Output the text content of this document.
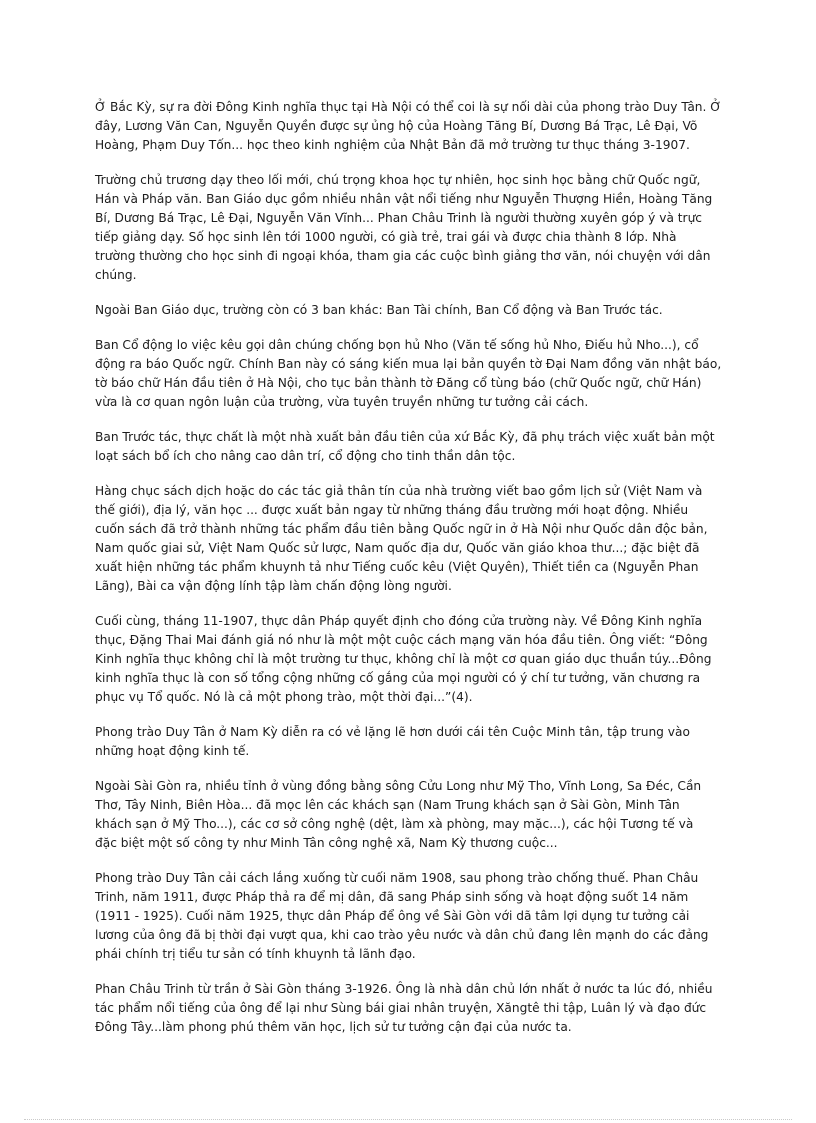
Ở Bắc Kỳ, sự ra đời Đông Kinh nghĩa thục tại Hà Nội có thể coi là sự nối dài của phong trào Duy Tân. Ở
đây, Lương Văn Can, Nguyễn Quyền được sự ủng hộ của Hoàng Tăng Bí, Dương Bá Trạc, Lê Đại, Võ
Hoàng, Phạm Duy Tốn... học theo kinh nghiệm của Nhật Bản đã mở trường tư thục tháng 3-1907.

Trường chủ trương dạy theo lối mới, chú trọng khoa học tự nhiên, học sinh học bằng chữ Quốc ngữ,
Hán và Pháp văn. Ban Giáo dục gồm nhiều nhân vật nổi tiếng như Nguyễn Thượng Hiền, Hoàng Tăng
Bí, Dương Bá Trạc, Lê Đại, Nguyễn Văn Vĩnh... Phan Châu Trinh là người thường xuyên góp ý và trực
tiếp giảng dạy. Số học sinh lên tới 1000 người, có già trẻ, trai gái và được chia thành 8 lớp. Nhà
trường thường cho học sinh đi ngoại khóa, tham gia các cuộc bình giảng thơ văn, nói chuyện với dân
chúng.

Ngoài Ban Giáo dục, trường còn có 3 ban khác: Ban Tài chính, Ban Cổ động và Ban Trước tác.

Ban Cổ động lo việc kêu gọi dân chúng chống bọn hủ Nho (Văn tế sống hủ Nho, Điếu hủ Nho...), cổ
động ra báo Quốc ngữ. Chính Ban này có sáng kiến mua lại bản quyền tờ Đại Nam đồng văn nhật báo,
tờ báo chữ Hán đầu tiên ở Hà Nội, cho tục bản thành tờ Đăng cổ tùng báo (chữ Quốc ngữ, chữ Hán)
vừa là cơ quan ngôn luận của trường, vừa tuyên truyền những tư tưởng cải cách.

Ban Trước tác, thực chất là một nhà xuất bản đầu tiên của xứ Bắc Kỳ, đã phụ trách việc xuất bản một
loạt sách bổ ích cho nâng cao dân trí, cổ động cho tinh thần dân tộc.

Hàng chục sách dịch hoặc do các tác giả thân tín của nhà trường viết bao gồm lịch sử (Việt Nam và
thế giới), địa lý, văn học ... được xuất bản ngay từ những tháng đầu trường mới hoạt động. Nhiều
cuốn sách đã trở thành những tác phẩm đầu tiên bằng Quốc ngữ in ở Hà Nội như Quốc dân độc bản,
Nam quốc giai sử, Việt Nam Quốc sử lược, Nam quốc địa dư, Quốc văn giáo khoa thư...; đặc biệt đã
xuất hiện những tác phẩm khuynh tả như Tiếng cuốc kêu (Việt Quyên), Thiết tiền ca (Nguyễn Phan
Lãng), Bài ca vận động lính tập làm chấn động lòng người.

Cuối cùng, tháng 11-1907, thực dân Pháp quyết định cho đóng cửa trường này. Về Đông Kinh nghĩa
thục, Đặng Thai Mai đánh giá nó như là một một cuộc cách mạng văn hóa đầu tiên. Ông viết: “Đông
Kinh nghĩa thục không chỉ là một trường tư thục, không chỉ là một cơ quan giáo dục thuần túy...Đông
kinh nghĩa thục là con số tổng cộng những cố gắng của mọi người có ý chí tư tưởng, văn chương ra
phục vụ Tổ quốc. Nó là cả một phong trào, một thời đại...”(4).

Phong trào Duy Tân ở Nam Kỳ diễn ra có vẻ lặng lẽ hơn dưới cái tên Cuộc Minh tân, tập trung vào
những hoạt động kinh tế.

Ngoài Sài Gòn ra, nhiều tỉnh ở vùng đồng bằng sông Cửu Long như Mỹ Tho, Vĩnh Long, Sa Đéc, Cần
Thơ, Tây Ninh, Biên Hòa... đã mọc lên các khách sạn (Nam Trung khách sạn ở Sài Gòn, Minh Tân
khách sạn ở Mỹ Tho...), các cơ sở công nghệ (dệt, làm xà phòng, may mặc...), các hội Tương tế và
đặc biệt một số công ty như Minh Tân công nghệ xã, Nam Kỳ thương cuộc...

Phong trào Duy Tân cải cách lắng xuống từ cuối năm 1908, sau phong trào chống thuế. Phan Châu
Trinh, năm 1911, được Pháp thả ra để mị dân, đã sang Pháp sinh sống và hoạt động suốt 14 năm
(1911 - 1925). Cuối năm 1925, thực dân Pháp để ông về Sài Gòn với dã tâm lợi dụng tư tưởng cải
lương của ông đã bị thời đại vượt qua, khi cao trào yêu nước và dân chủ đang lên mạnh do các đảng
phái chính trị tiểu tư sản có tính khuynh tả lãnh đạo.

Phan Châu Trinh từ trần ở Sài Gòn tháng 3-1926. Ông là nhà dân chủ lớn nhất ở nước ta lúc đó, nhiều
tác phẩm nổi tiếng của ông để lại như Sùng bái giai nhân truyện, Xăngtê thi tập, Luân lý và đạo đức
Đông Tây...làm phong phú thêm văn học, lịch sử tư tưởng cận đại của nước ta.
